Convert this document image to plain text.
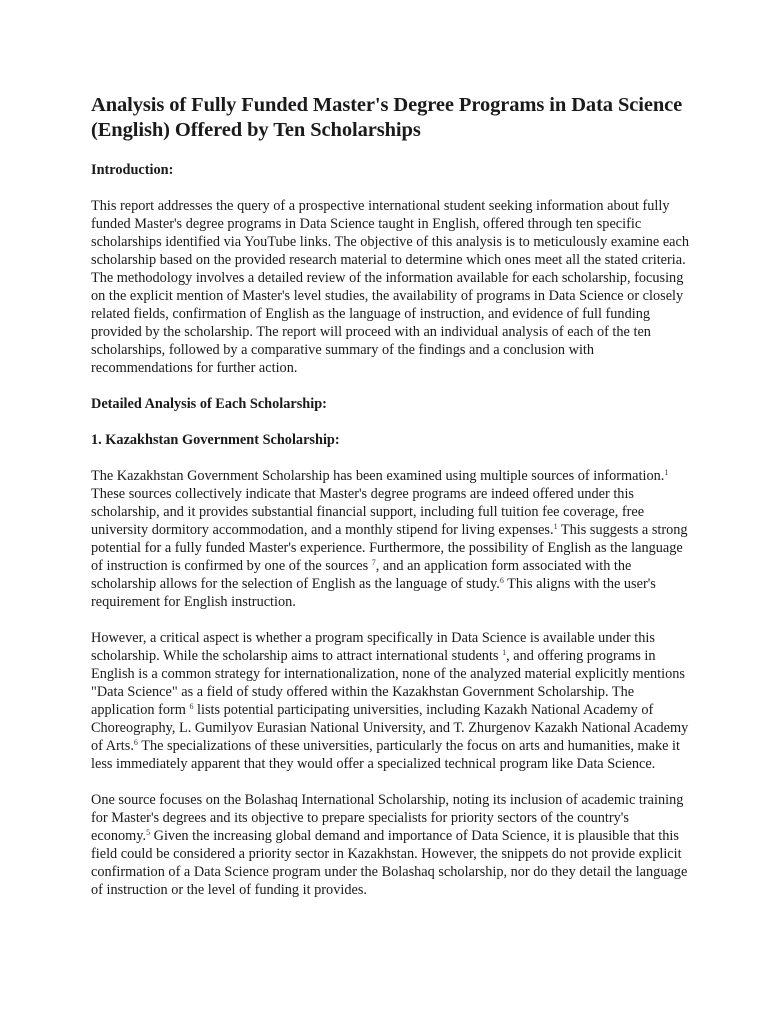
Analysis of Fully Funded Master's Degree Programs in Data Science (English) Offered by Ten Scholarships

Introduction:

This report addresses the query of a prospective international student seeking information about fully funded Master's degree programs in Data Science taught in English, offered through ten specific scholarships identified via YouTube links. The objective of this analysis is to meticulously examine each scholarship based on the provided research material to determine which ones meet all the stated criteria. The methodology involves a detailed review of the information available for each scholarship, focusing on the explicit mention of Master's level studies, the availability of programs in Data Science or closely related fields, confirmation of English as the language of instruction, and evidence of full funding provided by the scholarship. The report will proceed with an individual analysis of each of the ten scholarships, followed by a comparative summary of the findings and a conclusion with recommendations for further action.

Detailed Analysis of Each Scholarship:

1. Kazakhstan Government Scholarship:

The Kazakhstan Government Scholarship has been examined using multiple sources of information.$^1$ These sources collectively indicate that Master's degree programs are indeed offered under this scholarship, and it provides substantial financial support, including full tuition fee coverage, free university dormitory accommodation, and a monthly stipend for living expenses.$^1$ This suggests a strong potential for a fully funded Master's experience. Furthermore, the possibility of English as the language of instruction is confirmed by one of the sources $^7$, and an application form associated with the scholarship allows for the selection of English as the language of study.$^6$ This aligns with the user's requirement for English instruction.

However, a critical aspect is whether a program specifically in Data Science is available under this scholarship. While the scholarship aims to attract international students $^1$, and offering programs in English is a common strategy for internationalization, none of the analyzed material explicitly mentions "Data Science" as a field of study offered within the Kazakhstan Government Scholarship. The application form $^6$ lists potential participating universities, including Kazakh National Academy of Choreography, L. Gumilyov Eurasian National University, and T. Zhurgenov Kazakh National Academy of Arts.$^6$ The specializations of these universities, particularly the focus on arts and humanities, make it less immediately apparent that they would offer a specialized technical program like Data Science.

One source focuses on the Bolashaq International Scholarship, noting its inclusion of academic training for Master's degrees and its objective to prepare specialists for priority sectors of the country's economy.$^5$ Given the increasing global demand and importance of Data Science, it is plausible that this field could be considered a priority sector in Kazakhstan. However, the snippets do not provide explicit confirmation of a Data Science program under the Bolashaq scholarship, nor do they detail the language of instruction or the level of funding it provides.
